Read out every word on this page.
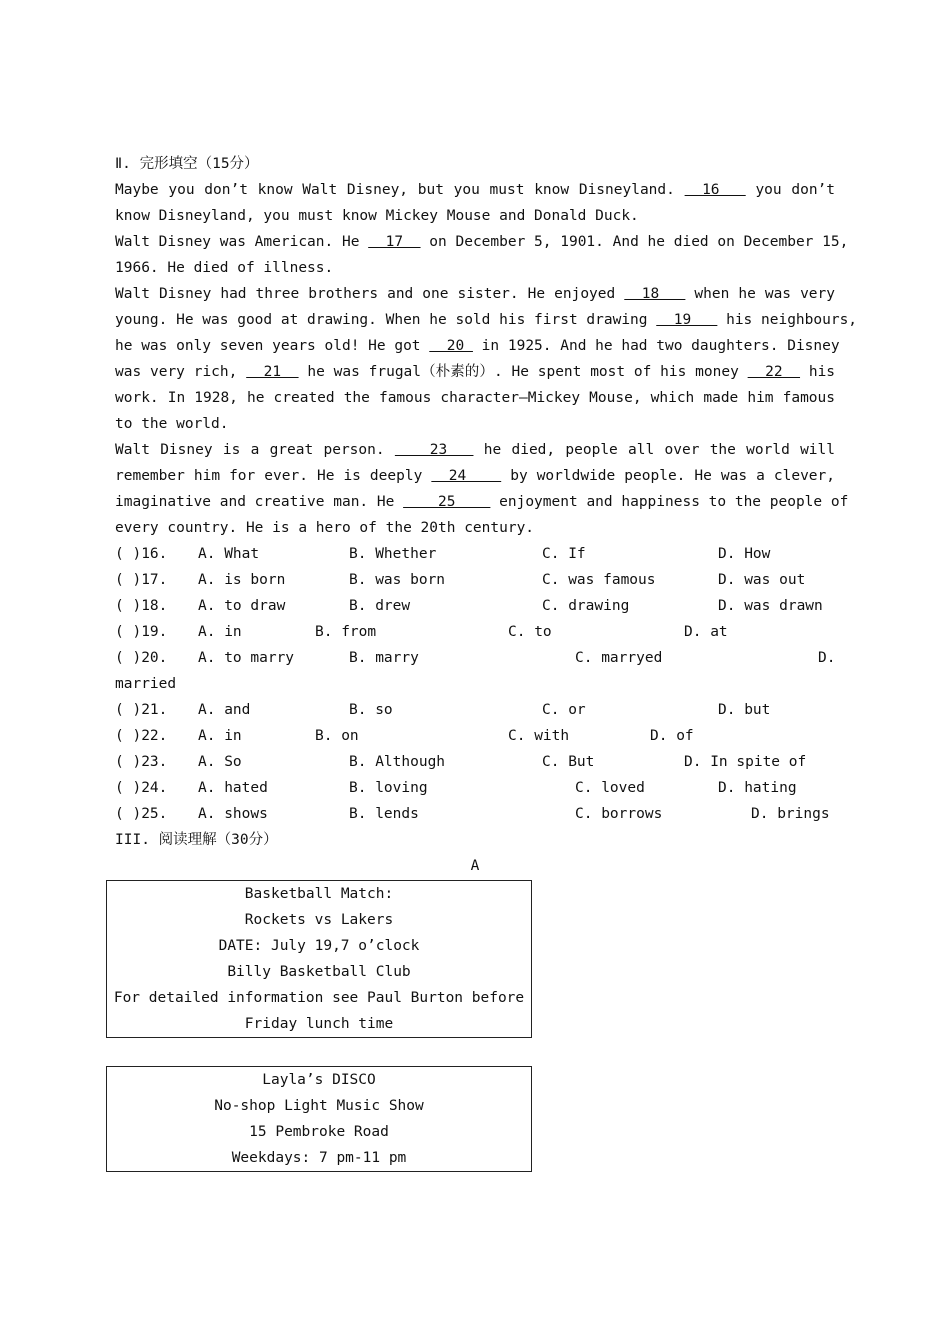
Ⅱ. 完形填空（15分）
Maybe you don’t know Walt Disney, but you must know Disneyland.   16    you don’t
know Disneyland, you must know Mickey Mouse and Donald Duck.
Walt Disney was American. He   17   on December 5, 1901. And he died on December 15,
1966. He died of illness.
Walt Disney had three brothers and one sister. He enjoyed   18    when he was very
young. He was good at drawing. When he sold his first drawing   19    his neighbours,
he was only seven years old! He got   20  in 1925. And he had two daughters. Disney
was very rich,   21   he was frugal（朴素的）. He spent most of his money   22   his
work. In 1928, he created the famous character—Mickey Mouse, which made him famous
to the world.
Walt Disney is a great person.     23    he died, people all over the world will
remember him for ever. He is deeply   24     by worldwide people. He was a clever,
imaginative and creative man. He     25     enjoyment and happiness to the people of
every country. He is a hero of the 20th century.
( )16. A. What	B. Whether	C. If	D. How
( )17. A. is born	B. was born	C. was famous	D. was out
( )18. A. to draw	B. drew	C. drawing	D. was drawn
( )19. A. in	B. from	C. to	D. at
( )20. A. to marry	B. marry	C. marryed	D.
married
( )21. A. and	B. so	C. or	D. but
( )22. A. in	B. on	C. with	D. of
( )23. A. So	B. Although	C. But	D. In spite of
( )24. A. hated	B. loving	C. loved	D. hating
( )25. A. shows	B. lends	C. borrows	D. brings
III. 阅读理解（30分）
A
Basketball Match:
Rockets vs Lakers
DATE: July 19,7 o’clock
Billy Basketball Club
For detailed information see Paul Burton before
Friday lunch time
Layla’s DISCO
No-shop Light Music Show
15 Pembroke Road
Weekdays: 7 pm-11 pm
